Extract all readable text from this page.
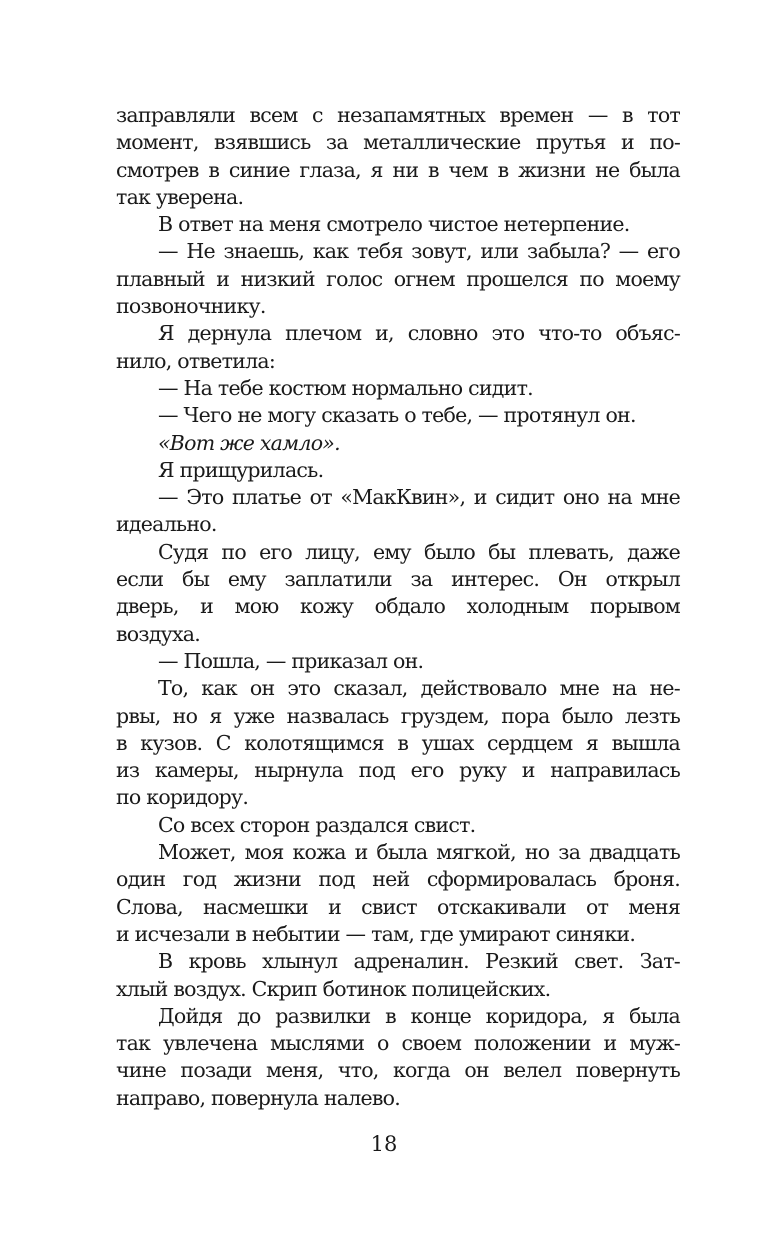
заправляли всем с незапамятных времен — в тот
момент, взявшись за металлические прутья и по-
смотрев в синие глаза, я ни в чем в жизни не была
так уверена.
В ответ на меня смотрело чистое нетерпение.
— Не знаешь, как тебя зовут, или забыла? — его
плавный и низкий голос огнем прошелся по моему
позвоночнику.
Я дернула плечом и, словно это что-то объяс-
нило, ответила:
— На тебе костюм нормально сидит.
— Чего не могу сказать о тебе, — протянул он.
«Вот же хамло».
Я прищурилась.
— Это платье от «МакКвин», и сидит оно на мне
идеально.
Судя по его лицу, ему было бы плевать, даже
если бы ему заплатили за интерес. Он открыл
дверь, и мою кожу обдало холодным порывом
воздуха.
— Пошла, — приказал он.
То, как он это сказал, действовало мне на не-
рвы, но я уже назвалась груздем, пора было лезть
в кузов. С колотящимся в ушах сердцем я вышла
из камеры, нырнула под его руку и направилась
по коридору.
Со всех сторон раздался свист.
Может, моя кожа и была мягкой, но за двадцать
один год жизни под ней сформировалась броня.
Слова, насмешки и свист отскакивали от меня
и исчезали в небытии — там, где умирают синяки.
В кровь хлынул адреналин. Резкий свет. Зат-
хлый воздух. Скрип ботинок полицейских.
Дойдя до развилки в конце коридора, я была
так увлечена мыслями о своем положении и муж-
чине позади меня, что, когда он велел повернуть
направо, повернула налево.
18
